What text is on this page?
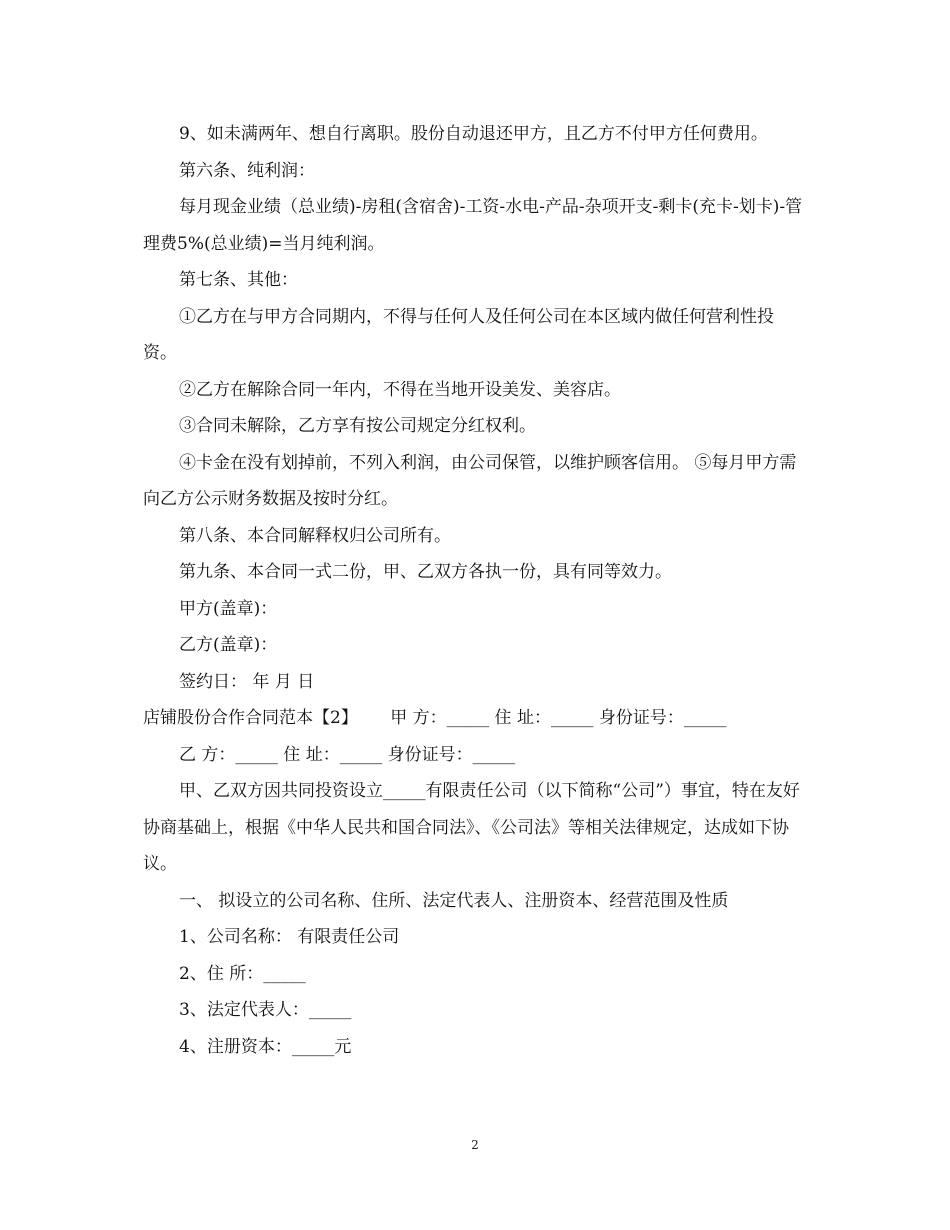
9、如未满两年、想自行离职。股份自动退还甲方，且乙方不付甲方任何费用。

第六条、纯利润：

每月现金业绩（总业绩)-房租(含宿舍)-工资-水电-产品-杂项开支-剩卡(充卡-划卡)-管理费5%(总业绩)=当月纯利润。

第七条、其他：

①乙方在与甲方合同期内，不得与任何人及任何公司在本区域内做任何营利性投资。

②乙方在解除合同一年内，不得在当地开设美发、美容店。

③合同未解除，乙方享有按公司规定分红权利。

④卡金在没有划掉前，不列入利润，由公司保管，以维护顾客信用。 ⑤每月甲方需向乙方公示财务数据及按时分红。

第八条、本合同解释权归公司所有。

第九条、本合同一式二份，甲、乙双方各执一份，具有同等效力。

甲方(盖章)：

乙方(盖章)：

签约日： 年 月 日

店铺股份合作合同范本【2】      甲 方：_____ 住 址：_____ 身份证号：_____

乙 方：_____ 住 址：_____ 身份证号：_____

甲、乙双方因共同投资设立_____有限责任公司（以下简称“公司”）事宜，特在友好协商基础上，根据《中华人民共和国合同法》、《公司法》等相关法律规定，达成如下协议。

一、 拟设立的公司名称、住所、法定代表人、注册资本、经营范围及性质

1、公司名称： 有限责任公司

2、住 所：_____

3、法定代表人：_____

4、注册资本：_____元

2
